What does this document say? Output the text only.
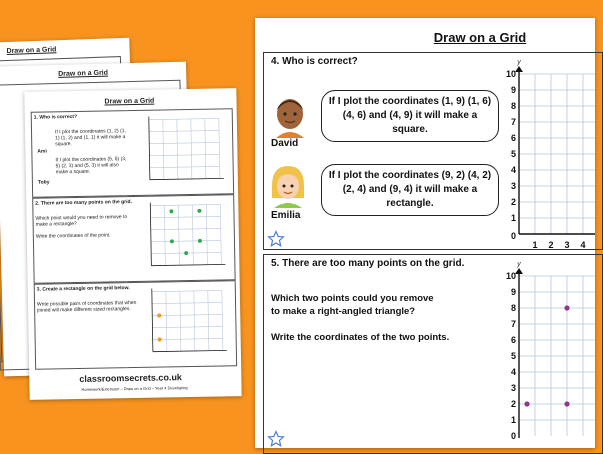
Draw on a Grid
Draw on a Grid
Draw on a Grid
1. Who is correct?
If I plot the coordinates (1, 2) (1, 1) (1, 2) and (1, 1) it will make a square.
Ami
If I plot the coordinates (5, 5) (3, 5) (2, 3) and (5, 3) it will also make a square.
Toby
2. There are too many points on the grid.
Which point would you need to remove to make a rectangle?
Write the coordinates of the point.
3. Create a rectangle on the grid below.
Write possible pairs of coordinates that when joined will make different sized rectangles.
classroomsecrets.co.uk
Homework/Extension – Draw on a Grid – Year 4 Developing
Draw on a Grid
4. Who is correct?
David
If I plot the coordinates (1, 9) (1, 6) (4, 6) and (4, 9) it will make a square.
Emilia
If I plot the coordinates (9, 2) (4, 2) (2, 4) and (9, 4) it will make a rectangle.
y
10
9
8
7
6
5
4
3
2
1
0
1 2 3 4
5. There are too many points on the grid.
Which two points could you remove
to make a right-angled triangle?
Write the coordinates of the two points.
y
10
9
8
7
6
5
4
3
2
1
0
